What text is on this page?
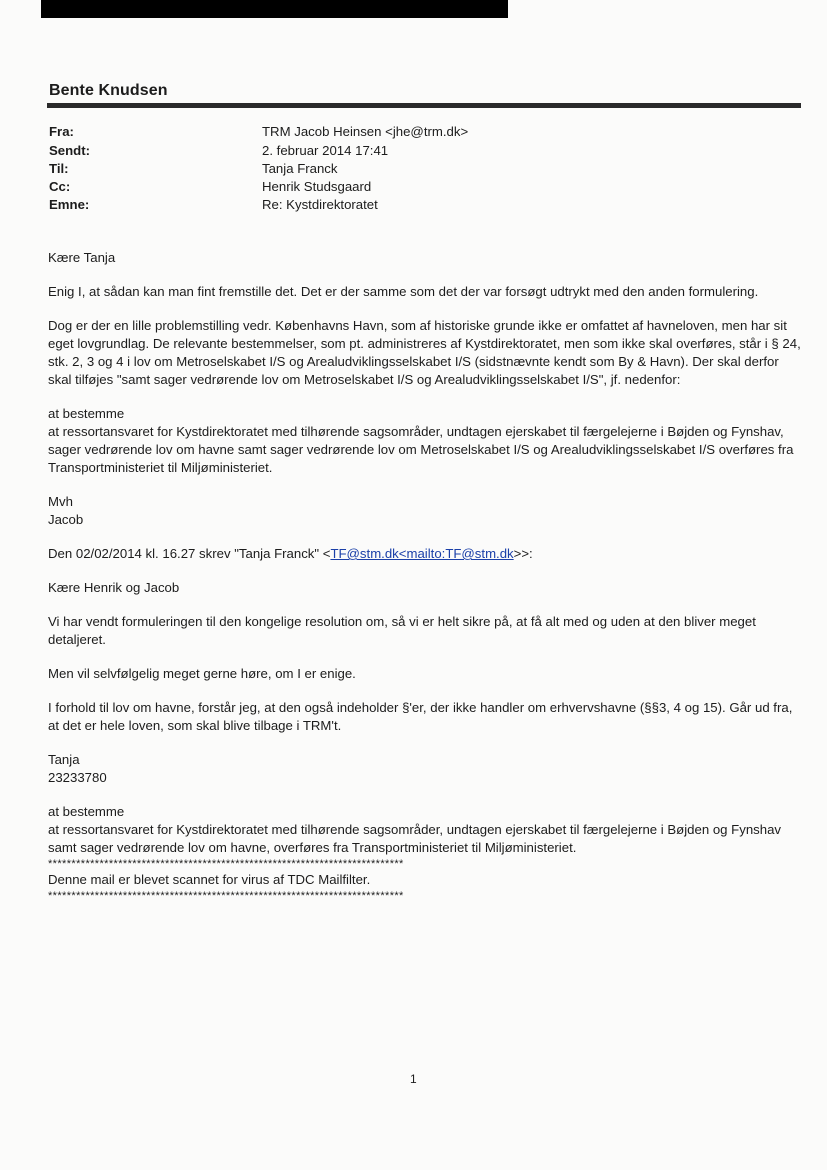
Bente Knudsen
Fra:	TRM Jacob Heinsen <jhe@trm.dk>
Sendt:	2. februar 2014 17:41
Til:	Tanja Franck
Cc:	Henrik Studsgaard
Emne:	Re: Kystdirektoratet

Kære Tanja

Enig I, at sådan kan man fint fremstille det. Det er der samme som det der var forsøgt udtrykt med den anden formulering.

Dog er der en lille problemstilling vedr. Københavns Havn, som af historiske grunde ikke er omfattet af havneloven, men har sit eget lovgrundlag. De relevante bestemmelser, som pt. administreres af Kystdirektoratet, men som ikke skal overføres, står i § 24, stk. 2, 3 og 4 i lov om Metroselskabet I/S og Arealudviklingsselskabet I/S (sidstnævnte kendt som By & Havn). Der skal derfor skal tilføjes "samt sager vedrørende lov om Metroselskabet I/S og Arealudviklingsselskabet I/S", jf. nedenfor:

at bestemme

at ressortansvaret for Kystdirektoratet med tilhørende sagsområder, undtagen ejerskabet til færgelejerne i Bøjden og Fynshav, sager vedrørende lov om havne samt sager vedrørende lov om Metroselskabet I/S og Arealudviklingsselskabet I/S overføres fra Transportministeriet til Miljøministeriet.

Mvh

Jacob

Den 02/02/2014 kl. 16.27 skrev "Tanja Franck" <TF@stm.dk<mailto:TF@stm.dk>>:

Kære Henrik og Jacob

Vi har vendt formuleringen til den kongelige resolution om, så vi er helt sikre på, at få alt med og uden at den bliver meget detaljeret.

Men vil selvfølgelig meget gerne høre, om I er enige.

I forhold til lov om havne, forstår jeg, at den også indeholder §'er, der ikke handler om erhvervshavne (§§3, 4 og 15). Går ud fra, at det er hele loven, som skal blive tilbage i TRM't.

Tanja

23233780

at bestemme

at ressortansvaret for Kystdirektoratet med tilhørende sagsområder, undtagen ejerskabet til færgelejerne i Bøjden og Fynshav samt sager vedrørende lov om havne, overføres fra Transportministeriet til Miljøministeriet.

****************************************************************************

Denne mail er blevet scannet for virus af TDC Mailfilter.

****************************************************************************

1
